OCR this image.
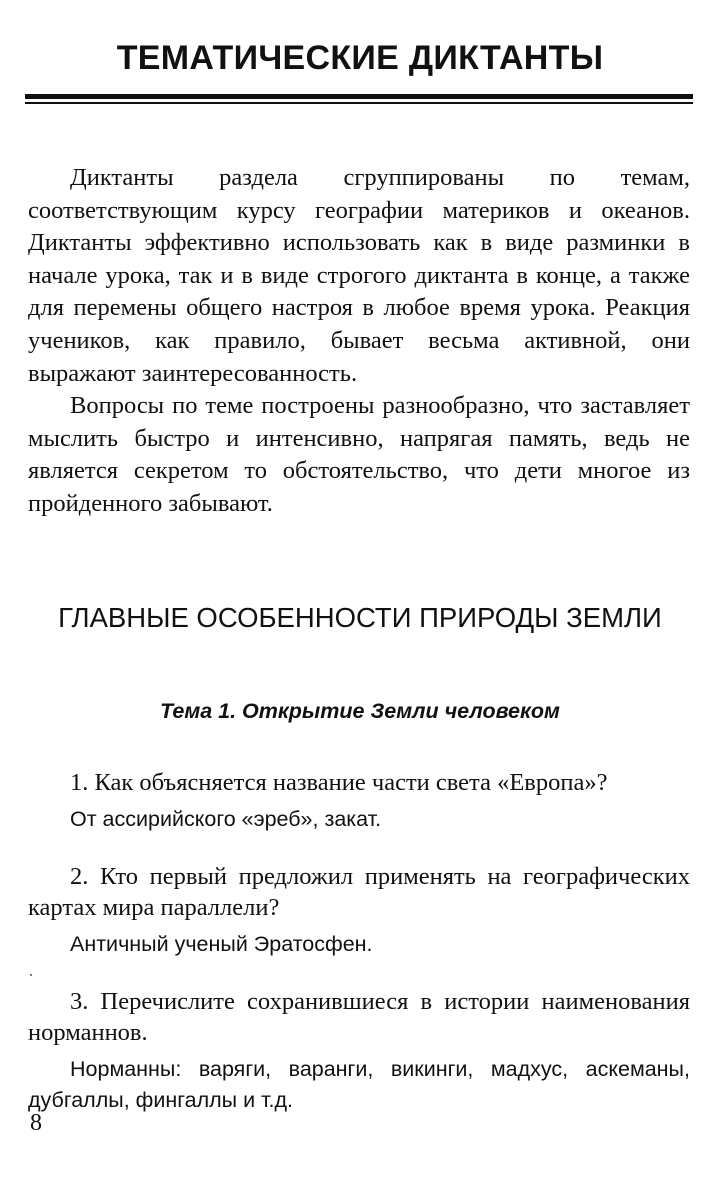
ТЕМАТИЧЕСКИЕ ДИКТАНТЫ

Диктанты раздела сгруппированы по темам, соответствующим курсу географии материков и океанов. Диктанты эффективно использовать как в виде разминки в начале урока, так и в виде строгого диктанта в конце, а также для перемены общего настроя в любое время урока. Реакция учеников, как правило, бывает весьма активной, они выражают заинтересованность.

Вопросы по теме построены разнообразно, что заставляет мыслить быстро и интенсивно, напрягая память, ведь не является секретом то обстоятельство, что дети многое из пройденного забывают.

ГЛАВНЫЕ ОСОБЕННОСТИ ПРИРОДЫ ЗЕМЛИ
Тема 1. Открытие Земли человеком

1. Как объясняется название части света «Европа»?

От ассирийского «эреб», закат.

2. Кто первый предложил применять на географических картах мира параллели?

Античный ученый Эратосфен.

3. Перечислите сохранившиеся в истории наименования норманнов.

Норманны: варяги, варанги, викинги, мадхус, аскеманы, дубгаллы, фингаллы и т.д.

8
